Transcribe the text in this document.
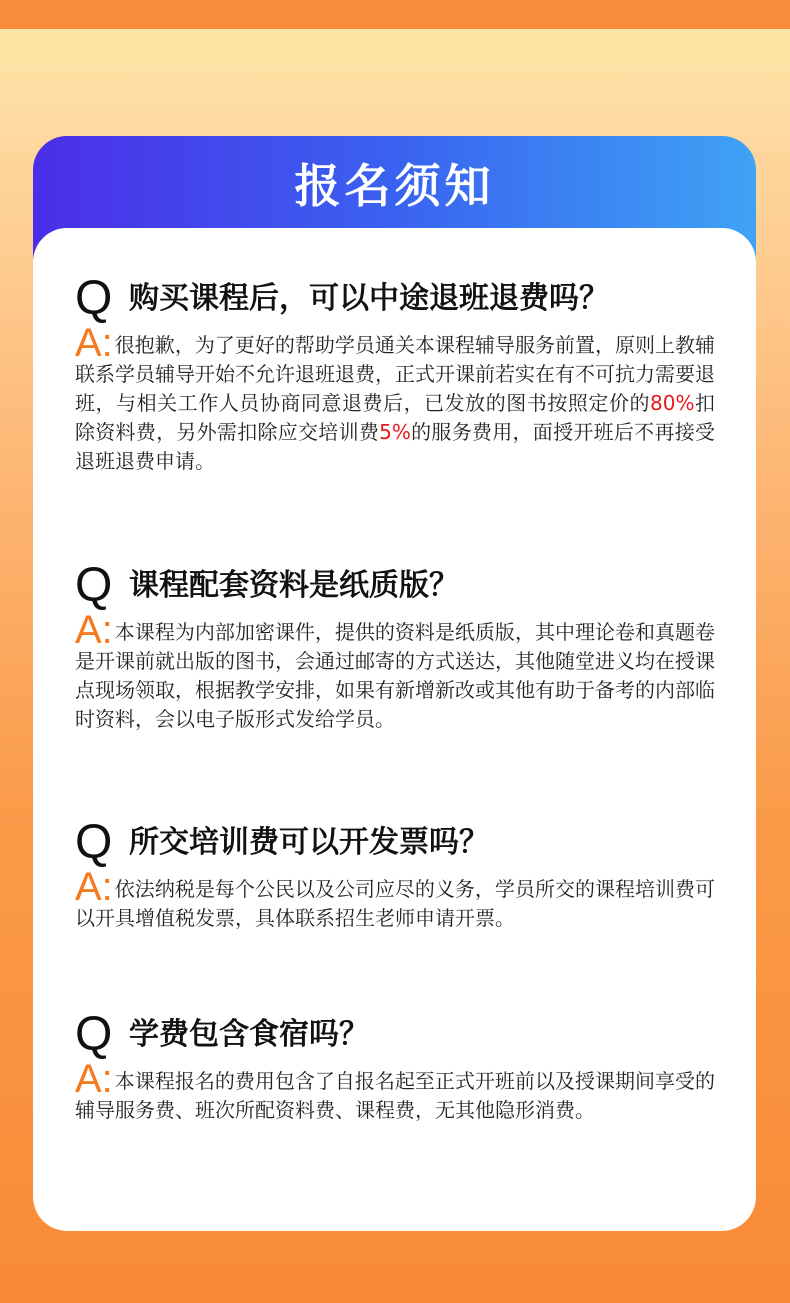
报名须知
Q 购买课程后，可以中途退班退费吗？
A: 很抱歉，为了更好的帮助学员通关本课程辅导服务前置，原则上教辅联系学员辅导开始不允许退班退费，正式开课前若实在有不可抗力需要退班，与相关工作人员协商同意退费后，已发放的图书按照定价的80%扣除资料费，另外需扣除应交培训费5%的服务费用，面授开班后不再接受退班退费申请。
Q 课程配套资料是纸质版？
A: 本课程为内部加密课件，提供的资料是纸质版，其中理论卷和真题卷是开课前就出版的图书，会通过邮寄的方式送达，其他随堂进义均在授课点现场领取，根据教学安排，如果有新增新改或其他有助于备考的内部临时资料，会以电子版形式发给学员。
Q 所交培训费可以开发票吗？
A: 依法纳税是每个公民以及公司应尽的义务，学员所交的课程培训费可以开具增值税发票，具体联系招生老师申请开票。
Q 学费包含食宿吗？
A: 本课程报名的费用包含了自报名起至正式开班前以及授课期间享受的辅导服务费、班次所配资料费、课程费，无其他隐形消费。
